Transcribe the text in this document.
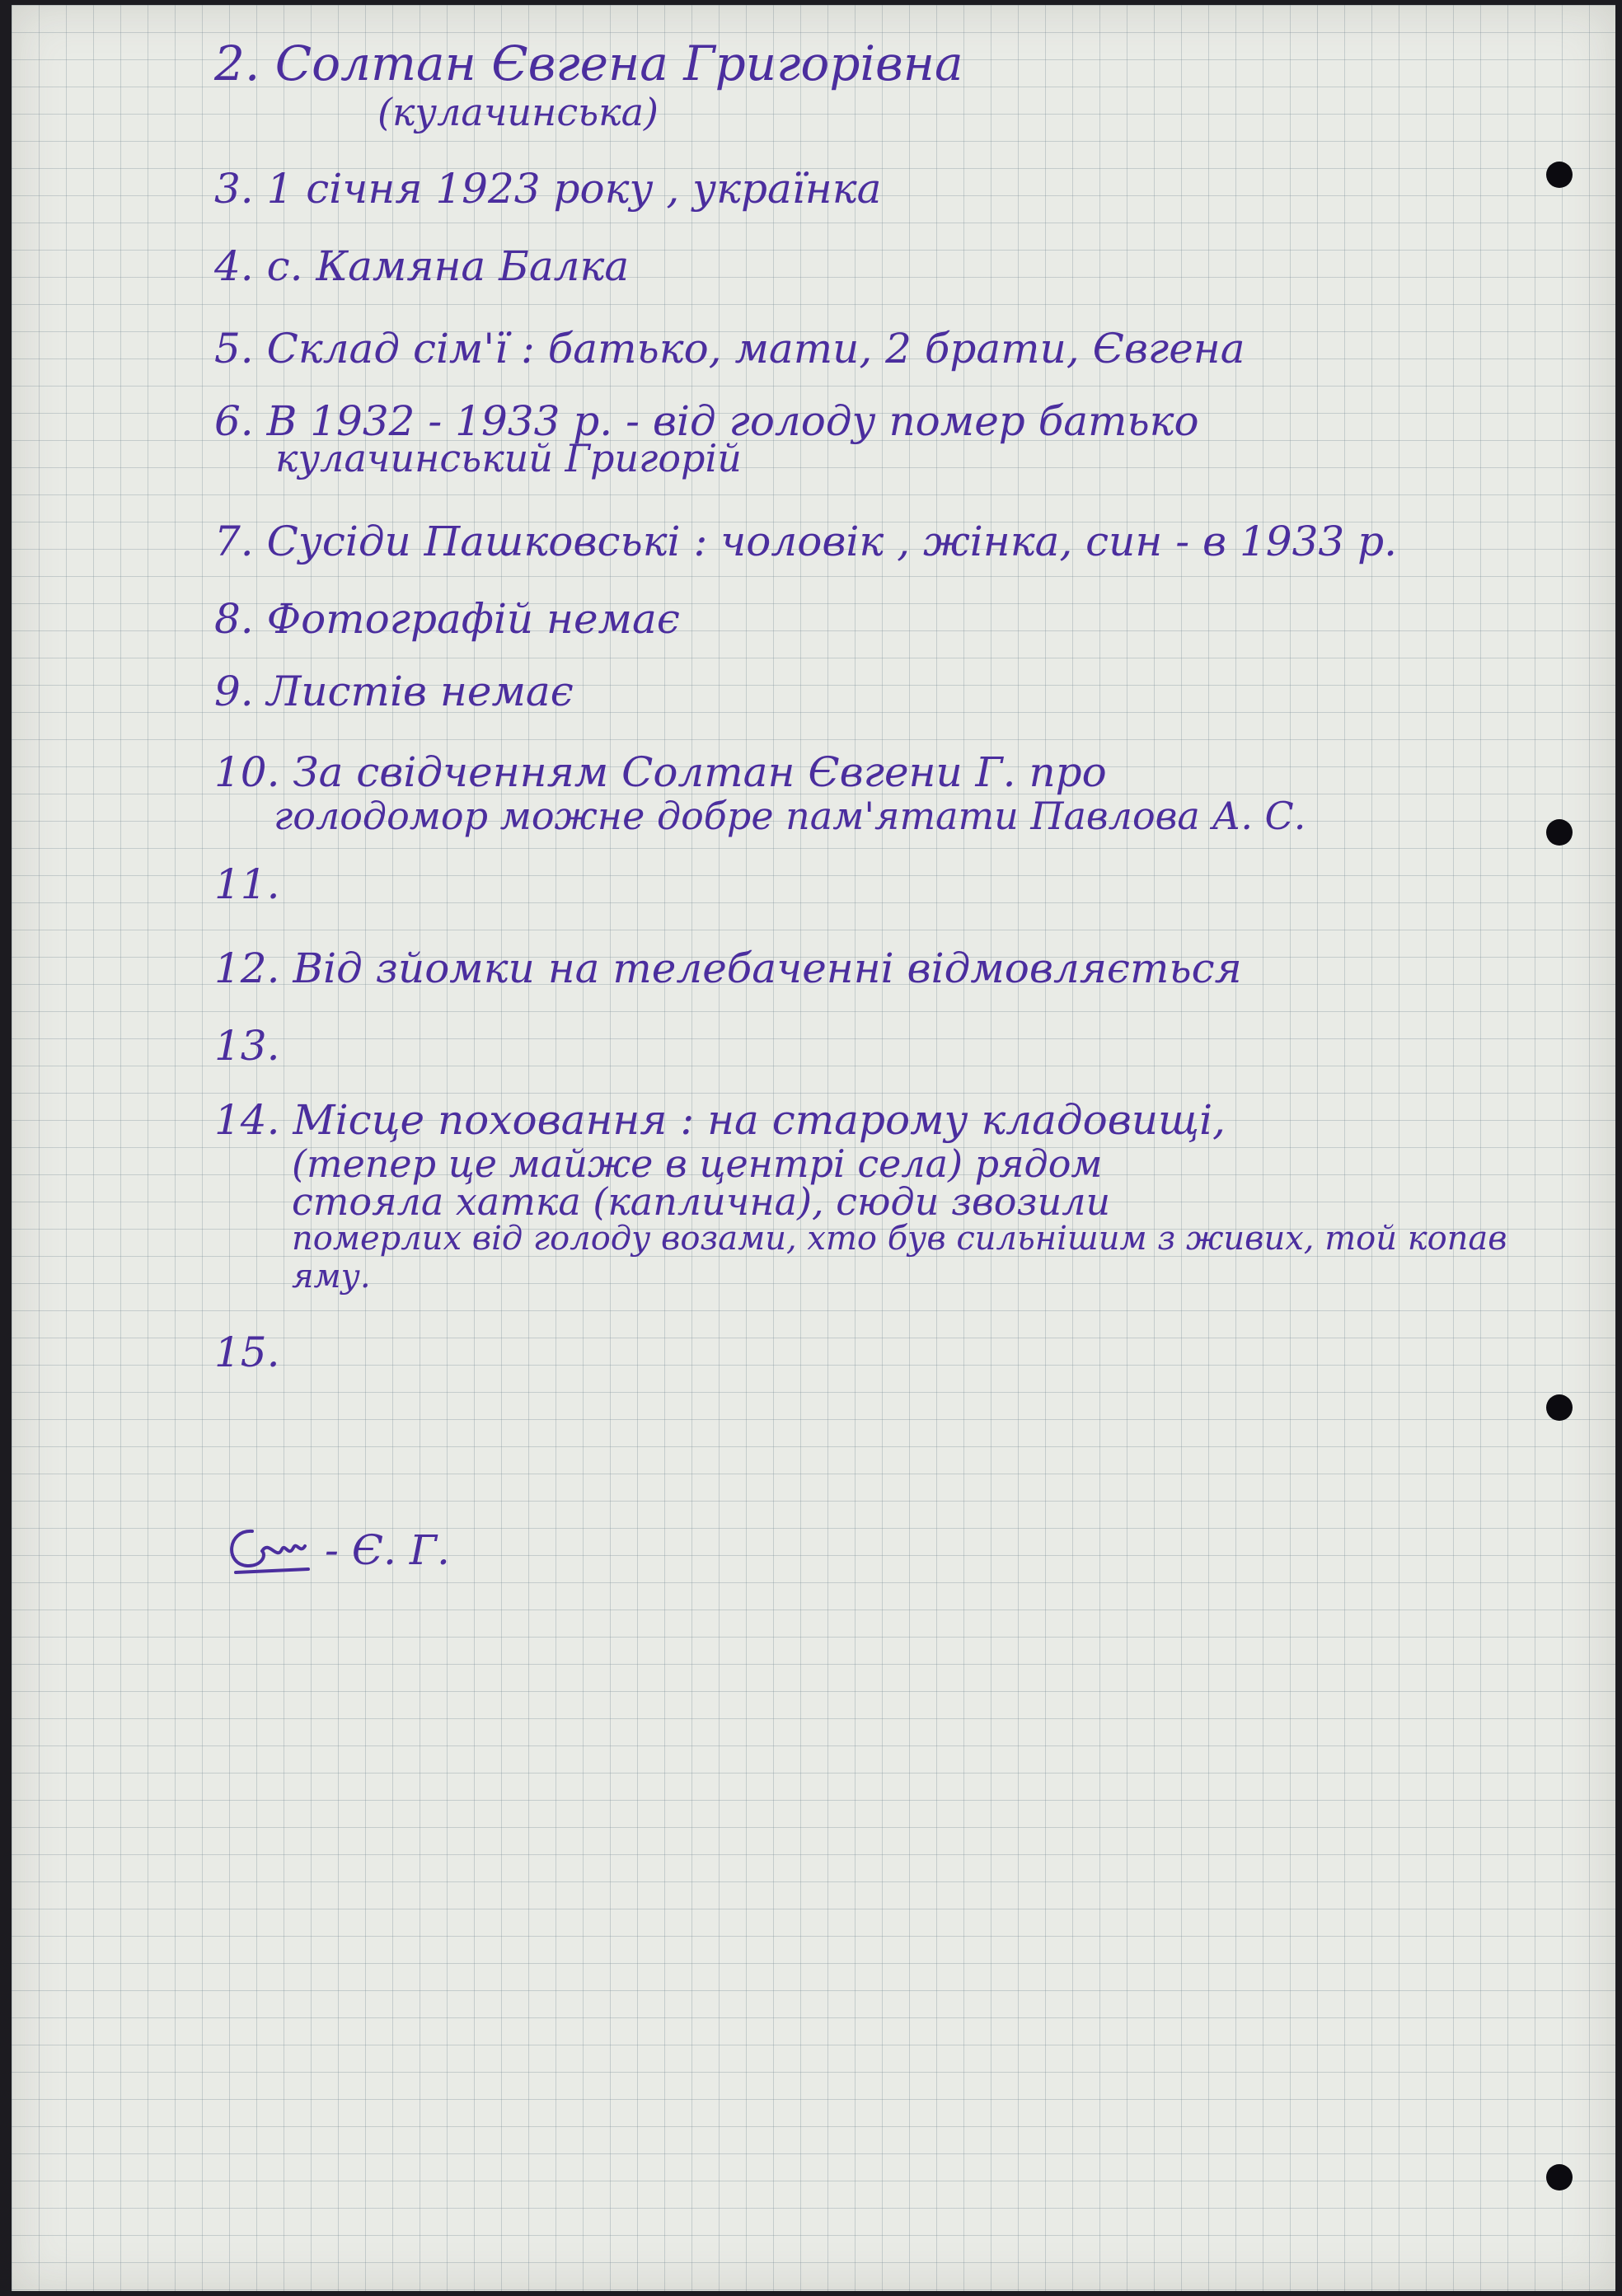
2. Солтан Євгена Григорівна

(кулачинська)

3. 1 січня 1923 року , українка

4. с. Камяна Балка

5. Склад сім'ї : батько, мати, 2 брати, Євгена

6. В 1932 - 1933 р. - від голоду помер батько

кулачинський Григорій

7. Сусіди Пашковські : чоловік , жінка, син - в 1933 р.

8. Фотографій немає

9. Листів немає

10. За свідченням Солтан Євгени Г. про

голодомор можне добре пам'ятати Павлова А. С.

11.

12. Від зйомки на телебаченні відмовляється

13.

14. Місце поховання : на старому кладовищі,

(тепер це майже в центрі села) рядом

стояла хатка (каплична), сюди звозили

померлих від голоду возами, хто був сильнішим з живих, той копав яму.

15.

- Є. Г.
